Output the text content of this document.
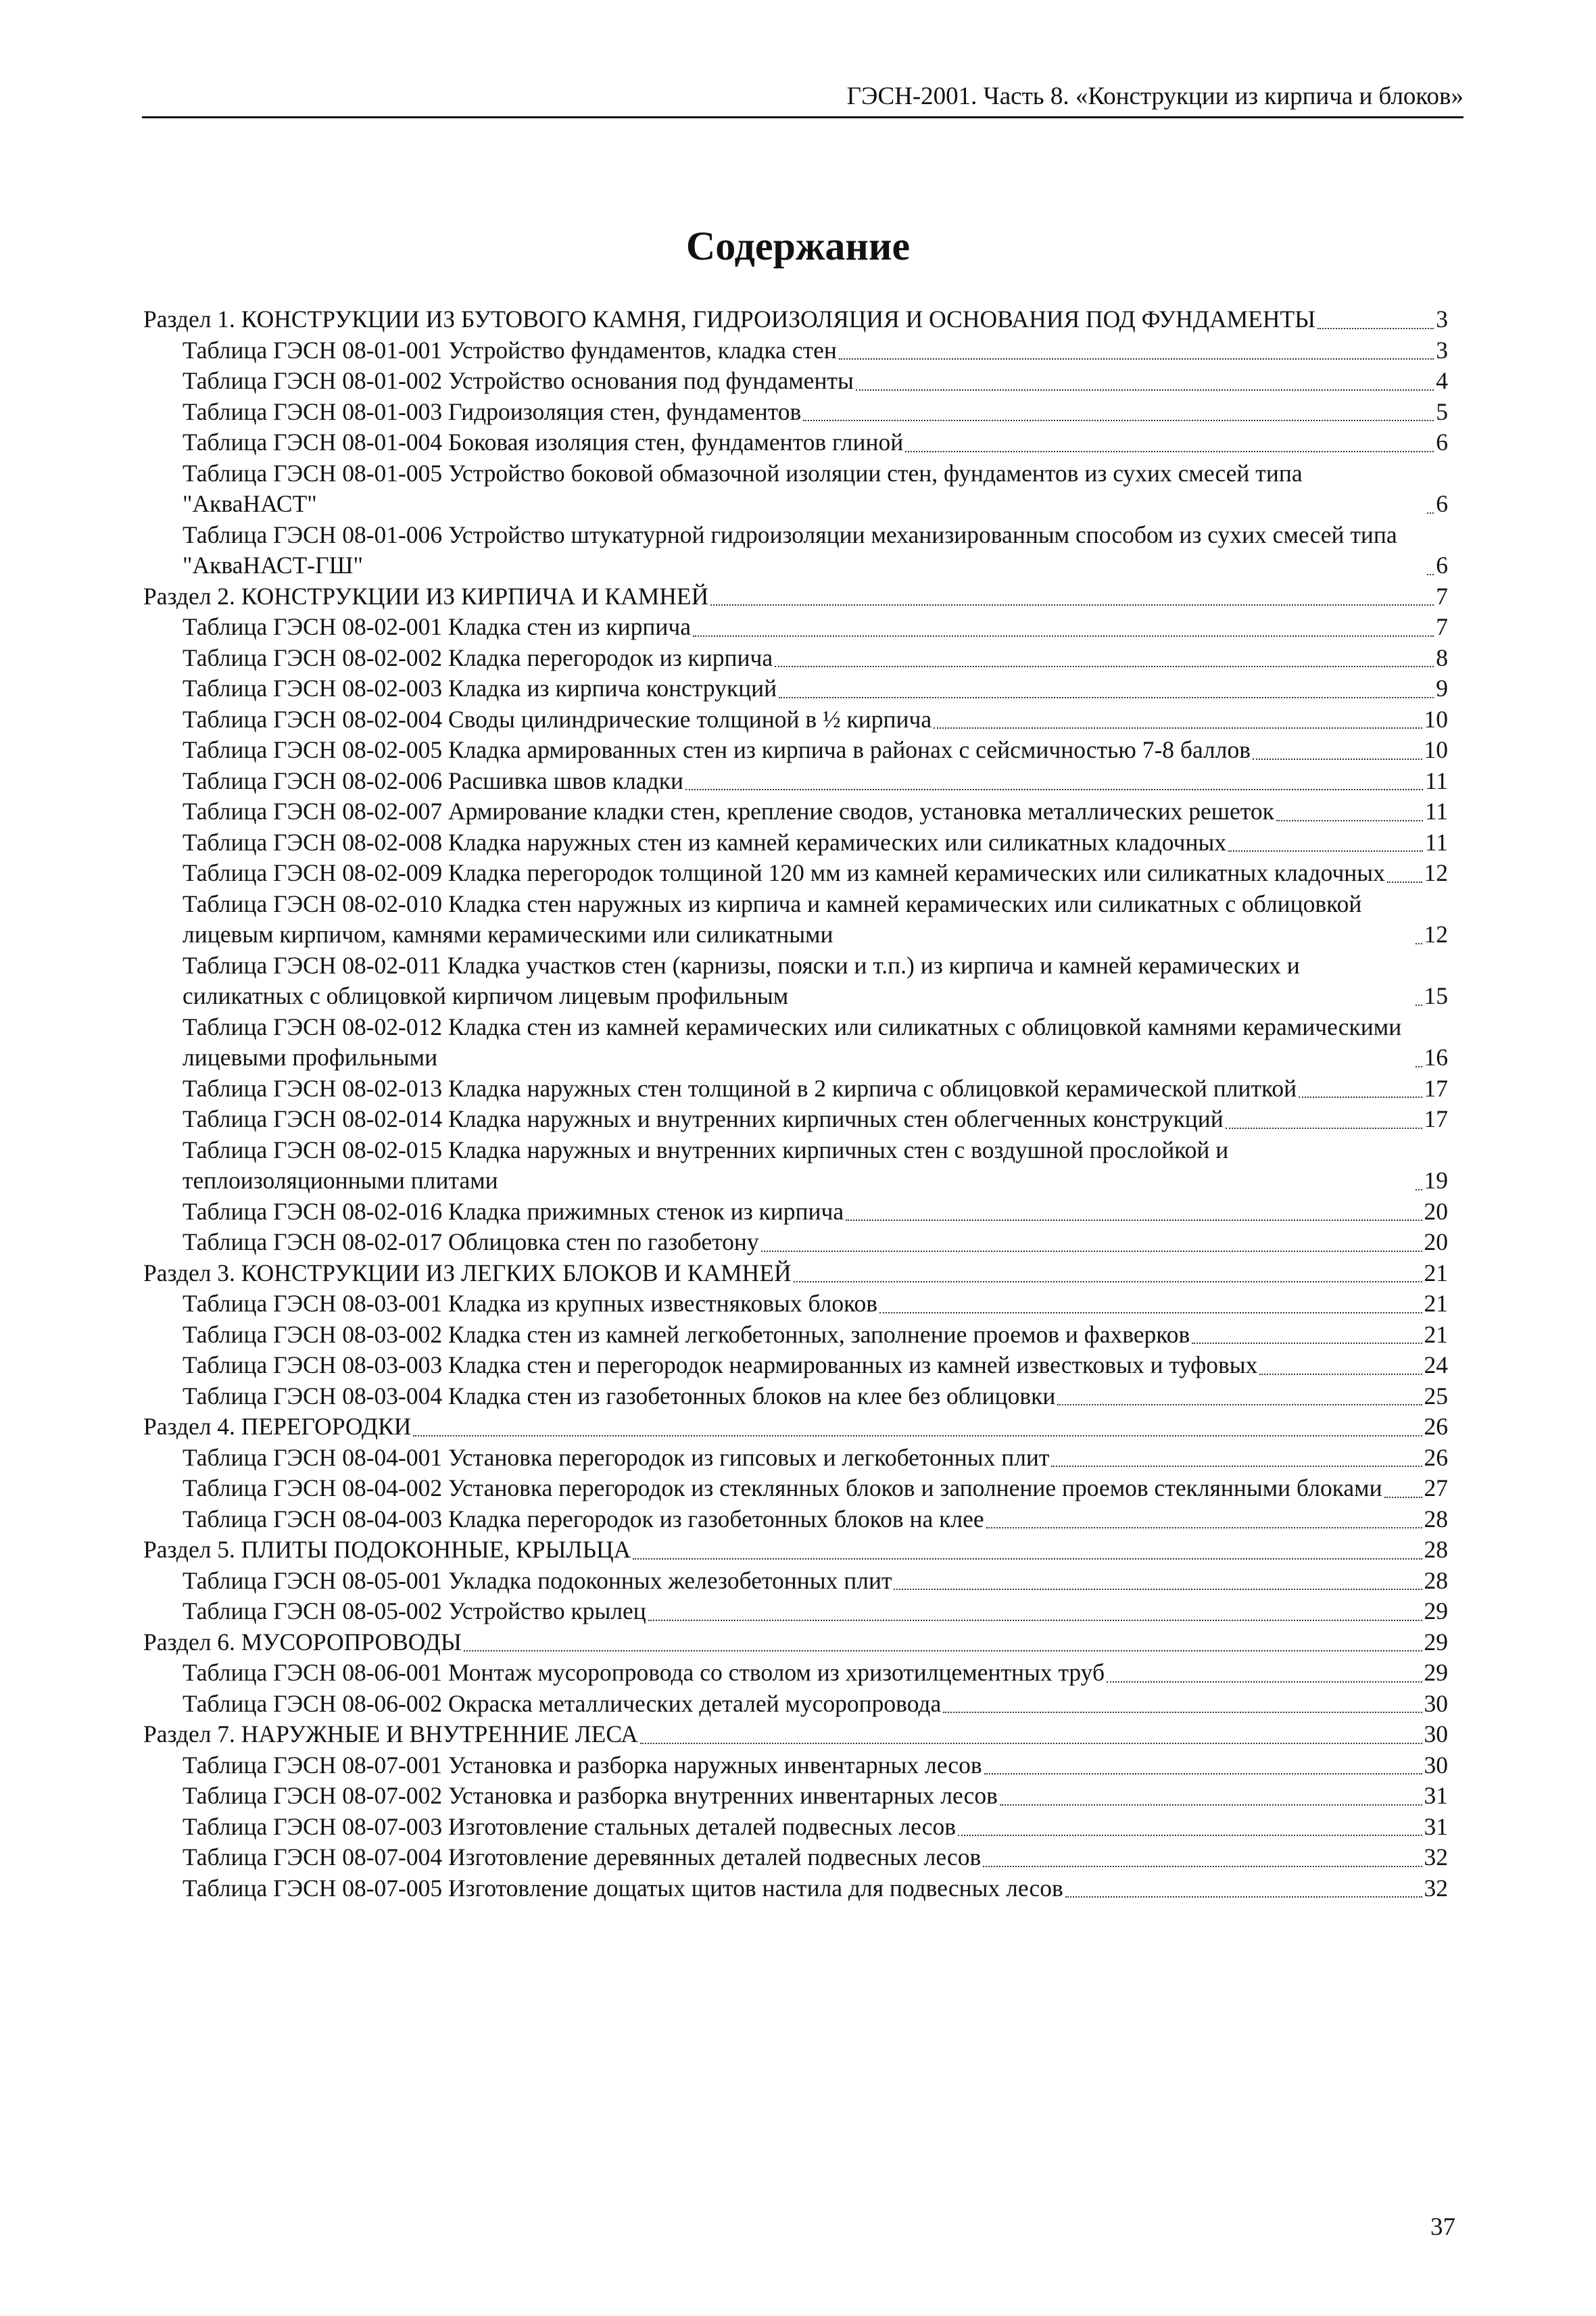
ГЭСН-2001. Часть 8. «Конструкции из кирпича и блоков»
Содержание
Раздел 1. КОНСТРУКЦИИ ИЗ БУТОВОГО КАМНЯ, ГИДРОИЗОЛЯЦИЯ И ОСНОВАНИЯ ПОД ФУНДАМЕНТЫ	3
Таблица ГЭСН 08-01-001 Устройство фундаментов, кладка стен	3
Таблица ГЭСН 08-01-002 Устройство основания под фундаменты	4
Таблица ГЭСН 08-01-003 Гидроизоляция стен, фундаментов	5
Таблица ГЭСН 08-01-004 Боковая изоляция стен, фундаментов глиной	6
Таблица ГЭСН 08-01-005 Устройство боковой обмазочной изоляции стен, фундаментов из сухих смесей типа "АкваНАСТ"	6
Таблица ГЭСН 08-01-006 Устройство штукатурной гидроизоляции механизированным способом из сухих смесей типа "АкваНАСТ-ГШ"	6
Раздел 2. КОНСТРУКЦИИ ИЗ КИРПИЧА И КАМНЕЙ	7
Таблица ГЭСН 08-02-001 Кладка стен из кирпича	7
Таблица ГЭСН 08-02-002 Кладка перегородок из кирпича	8
Таблица ГЭСН 08-02-003 Кладка из кирпича конструкций	9
Таблица ГЭСН 08-02-004 Своды цилиндрические толщиной в ½ кирпича	10
Таблица ГЭСН 08-02-005 Кладка армированных стен из кирпича в районах с сейсмичностью 7-8 баллов	10
Таблица ГЭСН 08-02-006 Расшивка швов кладки	11
Таблица ГЭСН 08-02-007 Армирование кладки стен, крепление сводов, установка металлических решеток	11
Таблица ГЭСН 08-02-008 Кладка наружных стен из камней керамических или силикатных кладочных	11
Таблица ГЭСН 08-02-009 Кладка перегородок толщиной 120 мм из камней керамических или силикатных кладочных 12
Таблица ГЭСН 08-02-010 Кладка стен наружных из кирпича и камней керамических или силикатных с облицовкой лицевым кирпичом, камнями керамическими или силикатными	12
Таблица ГЭСН 08-02-011 Кладка участков стен (карнизы, пояски и т.п.) из кирпича и камней керамических и силикатных с облицовкой кирпичом лицевым профильным	15
Таблица ГЭСН 08-02-012 Кладка стен из камней керамических или силикатных с облицовкой камнями керамическими лицевыми профильными	16
Таблица ГЭСН 08-02-013 Кладка наружных стен толщиной в 2 кирпича с облицовкой керамической плиткой	17
Таблица ГЭСН 08-02-014 Кладка наружных и внутренних кирпичных стен облегченных конструкций	17
Таблица ГЭСН 08-02-015 Кладка наружных и внутренних кирпичных стен с воздушной прослойкой и теплоизоляционными плитами	19
Таблица ГЭСН 08-02-016 Кладка прижимных стенок из кирпича	20
Таблица ГЭСН 08-02-017 Облицовка стен по газобетону	20
Раздел 3. КОНСТРУКЦИИ ИЗ ЛЕГКИХ БЛОКОВ И КАМНЕЙ	21
Таблица ГЭСН 08-03-001 Кладка из крупных известняковых блоков	21
Таблица ГЭСН 08-03-002 Кладка стен из камней легкобетонных, заполнение проемов и фахверков	21
Таблица ГЭСН 08-03-003 Кладка стен и перегородок неармированных из камней известковых и туфовых	24
Таблица ГЭСН 08-03-004 Кладка стен из газобетонных блоков на клее без облицовки	25
Раздел 4. ПЕРЕГОРОДКИ	26
Таблица ГЭСН 08-04-001 Установка перегородок из гипсовых и легкобетонных плит	26
Таблица ГЭСН 08-04-002 Установка перегородок из стеклянных блоков и заполнение проемов стеклянными блоками 27
Таблица ГЭСН 08-04-003 Кладка перегородок из газобетонных блоков на клее	28
Раздел 5. ПЛИТЫ ПОДОКОННЫЕ, КРЫЛЬЦА	28
Таблица ГЭСН 08-05-001 Укладка подоконных железобетонных плит	28
Таблица ГЭСН 08-05-002 Устройство крылец	29
Раздел 6. МУСОРОПРОВОДЫ	29
Таблица ГЭСН 08-06-001 Монтаж мусоропровода со стволом из хризотилцементных труб	29
Таблица ГЭСН 08-06-002 Окраска металлических деталей мусоропровода	30
Раздел 7. НАРУЖНЫЕ И ВНУТРЕННИЕ ЛЕСА	30
Таблица ГЭСН 08-07-001 Установка и разборка наружных инвентарных лесов	30
Таблица ГЭСН 08-07-002 Установка и разборка внутренних инвентарных лесов	31
Таблица ГЭСН 08-07-003 Изготовление стальных деталей подвесных лесов	31
Таблица ГЭСН 08-07-004 Изготовление деревянных деталей подвесных лесов	32
Таблица ГЭСН 08-07-005 Изготовление дощатых щитов настила для подвесных лесов	32
37
